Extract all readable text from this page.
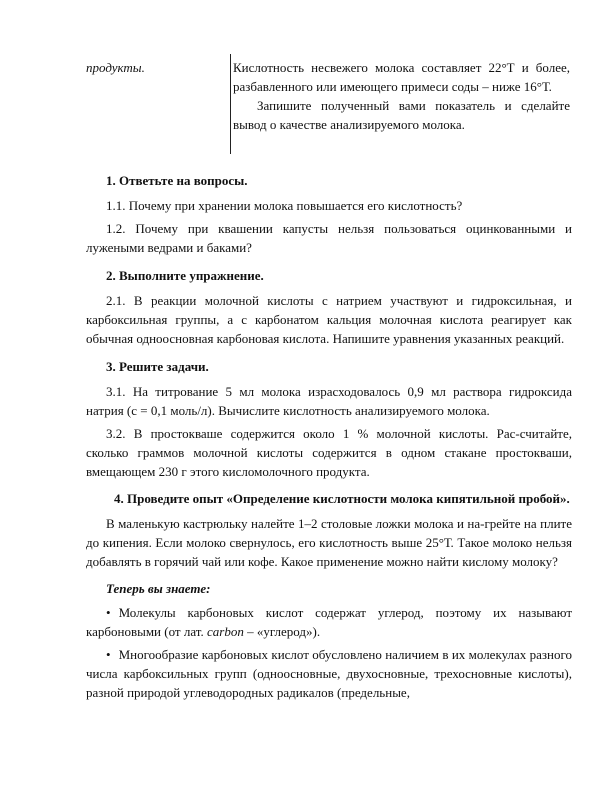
продукты.	Кислотность несвежего молока составляет 22°Т и более, разбавленного или имеющего примеси соды – ниже 16°Т.

Запишите полученный вами показатель и сделайте вывод о качестве анализируемого молока.

1. Ответьте на вопросы.

1.1. Почему при хранении молока повышается его кислотность?

1.2. Почему при квашении капусты нельзя пользоваться оцинкованными и лужеными ведрами и баками?

2. Выполните упражнение.

2.1. В реакции молочной кислоты с натрием участвуют и гидроксильная, и карбоксильная группы, а с карбонатом кальция молочная кислота реагирует как обычная одноосновная карбоновая кислота. Напишите уравнения указанных реакций.

3. Решите задачи.

3.1. На титрование 5 мл молока израсходовалось 0,9 мл раствора гидроксида натрия (с = 0,1 моль/л). Вычислите кислотность анализируемого молока.

3.2. В простокваше содержится около 1 % молочной кислоты. Рас-считайте, сколько граммов молочной кислоты содержится в одном стакане простокваши, вмещающем 230 г этого кисломолочного продукта.

4. Проведите опыт «Определение кислотности молока кипятильной пробой».

В маленькую кастрюльку налейте 1–2 столовые ложки молока и на-грейте на плите до кипения. Если молоко свернулось, его кислотность выше 25°Т. Такое молоко нельзя добавлять в горячий чай или кофе. Какое применение можно найти кислому молоку?

Теперь вы знаете:

• Молекулы карбоновых кислот содержат углерод, поэтому их называют карбоновыми (от лат. carbon – «углерод»).

• Многообразие карбоновых кислот обусловлено наличием в их молекулах разного числа карбоксильных групп (одноосновные, двухосновные, трехосновные кислоты), разной природой углеводородных радикалов (предельные,
